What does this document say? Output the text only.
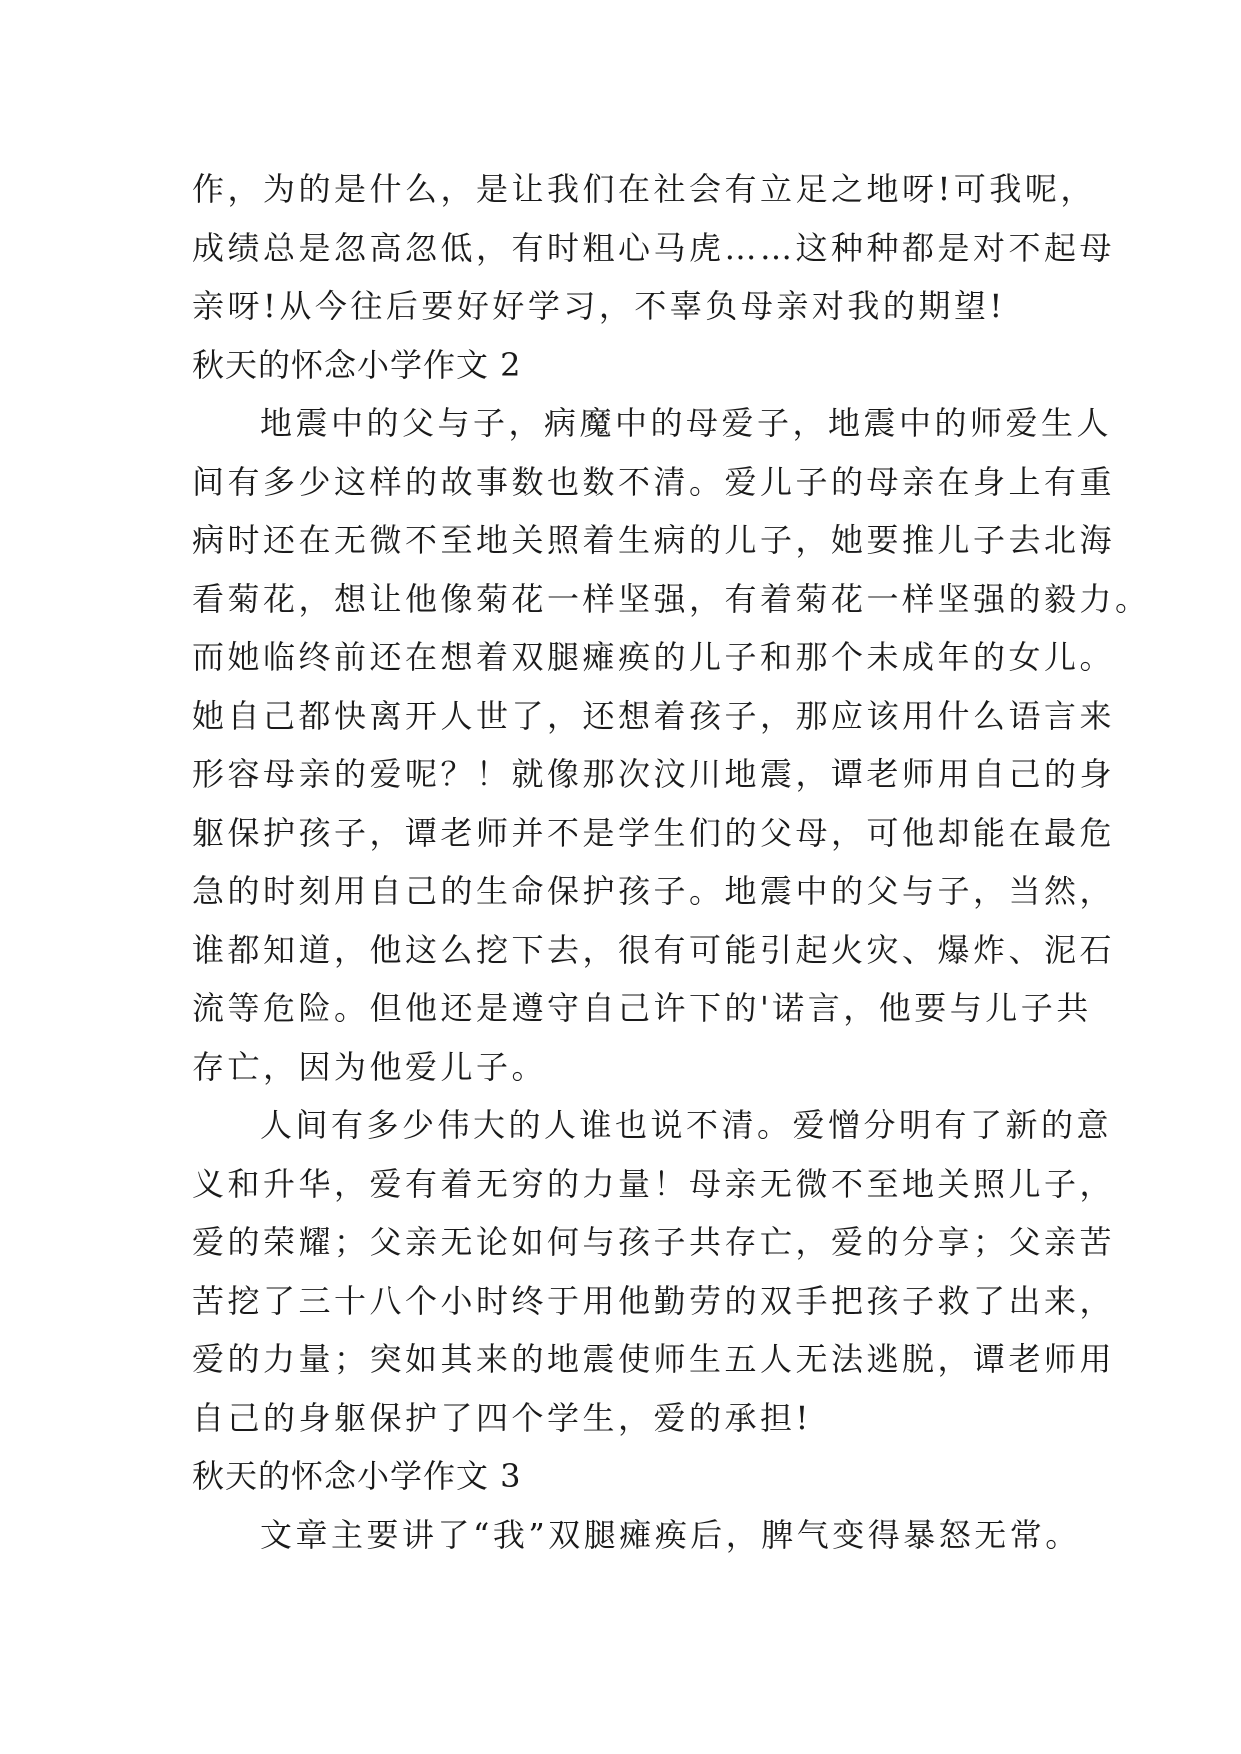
作，为的是什么，是让我们在社会有立足之地呀!可我呢，
成绩总是忽高忽低，有时粗心马虎……这种种都是对不起母
亲呀!从今往后要好好学习，不辜负母亲对我的期望!
秋天的怀念小学作文 2
地震中的父与子，病魔中的母爱子，地震中的师爱生人
间有多少这样的故事数也数不清。爱儿子的母亲在身上有重
病时还在无微不至地关照着生病的儿子，她要推儿子去北海
看菊花，想让他像菊花一样坚强，有着菊花一样坚强的毅力。
而她临终前还在想着双腿瘫痪的儿子和那个未成年的女儿。
她自己都快离开人世了，还想着孩子，那应该用什么语言来
形容母亲的爱呢？！就像那次汶川地震，谭老师用自己的身
躯保护孩子，谭老师并不是学生们的父母，可他却能在最危
急的时刻用自己的生命保护孩子。地震中的父与子，当然，
谁都知道，他这么挖下去，很有可能引起火灾、爆炸、泥石
流等危险。但他还是遵守自己许下的'诺言，他要与儿子共
存亡，因为他爱儿子。
人间有多少伟大的人谁也说不清。爱憎分明有了新的意
义和升华，爱有着无穷的力量！母亲无微不至地关照儿子，
爱的荣耀；父亲无论如何与孩子共存亡，爱的分享；父亲苦
苦挖了三十八个小时终于用他勤劳的双手把孩子救了出来，
爱的力量；突如其来的地震使师生五人无法逃脱，谭老师用
自己的身躯保护了四个学生，爱的承担!
秋天的怀念小学作文 3
文章主要讲了“我”双腿瘫痪后，脾气变得暴怒无常。
